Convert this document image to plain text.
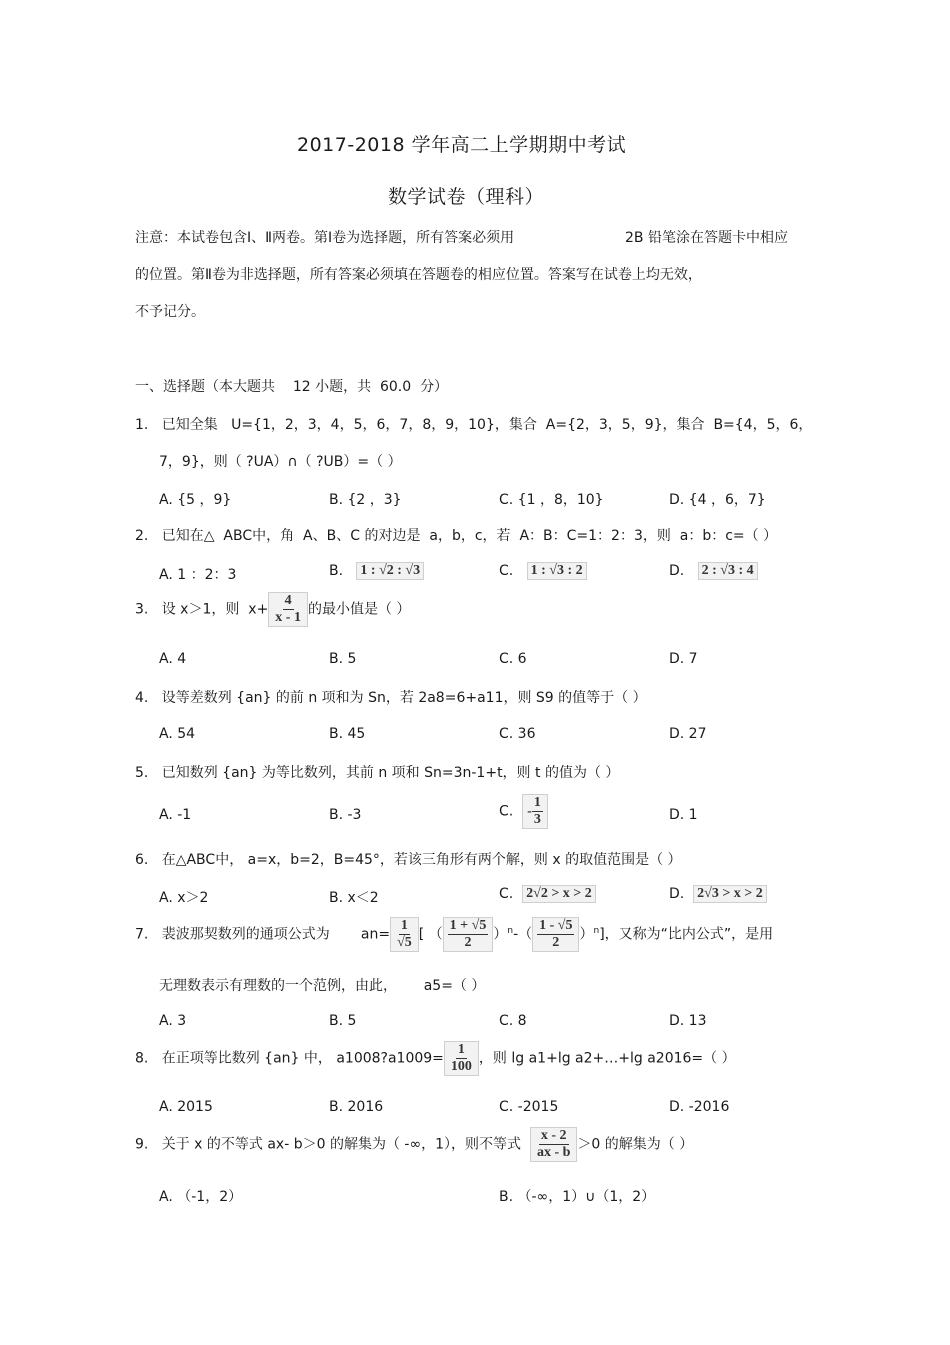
2017-2018 学年高二上学期期中考试
数学试卷（理科）
注意：本试卷包含Ⅰ、Ⅱ两卷。第Ⅰ卷为选择题，所有答案必须用	2B 铅笔涂在答题卡中相应
的位置。第Ⅱ卷为非选择题，所有答案必须填在答题卷的相应位置。答案写在试卷上均无效，
不予记分。
一、选择题（本大题共 12 小题，共 60.0 分）
1. 已知全集 U={1，2，3，4，5，6，7，8，9，10}，集合 A={2，3，5，9}，集合 B={4，5，6，
7，9}，则（ ?UA）∩（ ?UB）=（ ）
A. {5 ，9}	B. {2 ，3}	C. {1 ，8，10}	D. {4 ，6，7}
2. 已知在△ ABC中，角 A、B、C 的对边是 a，b，c，若 A：B：C=1：2：3，则 a：b：c=（ ）
A. 1 ：2：3	B. 1 : √2 : √3	C. 1 : √3 : 2	D. 2 : √3 : 4
3. 设 x＞1，则 $x+ \frac{4}{x - 1}$ 的最小值是（ ）
A. 4	B. 5	C. 6	D. 7
4. 设等差数列 {an} 的前 n 项和为 Sn，若 2a8=6+a11，则 S9 的值等于（ ）
A. 54	B. 45	C. 36	D. 27
5. 已知数列 {an} 为等比数列，其前 n 项和 Sn=3n-1+t，则 t 的值为（ ）
A. -1	B. -3	C. - $\frac{1}{3}$	D. 1
6. 在△ABC中， a=x，b=2，B=45°，若该三角形有两个解，则 x 的取值范围是（ ）
A. x＞2	B. x＜2	C. 2√2 > x > 2	D. 2√3 > x > 2
7. 裴波那契数列的通项公式为 $an= \frac{1}{√5}$ [ （ $\frac{1 + √5}{2} )^n-( \frac{1 - √5}{2} )^n$]，又称为“比内公式”，是用
无理数表示有理数的一个范例，由此， a5=（ ）
A. 3	B. 5	C. 8	D. 13
8. 在正项等比数列 {an} 中， a1008?a1009= $\frac{1}{100}$ ，则 lg a1+lg a2+…+lg a2016=（ ）
A. 2015	B. 2016	C. -2015	D. -2016
9. 关于 x 的不等式 ax- b＞0 的解集为（ -∞，1），则不等式 $\frac{x - 2}{ax - b} >0$ 的解集为（ ）
A. （-1，2）	B. （-∞，1）∪（1，2）
